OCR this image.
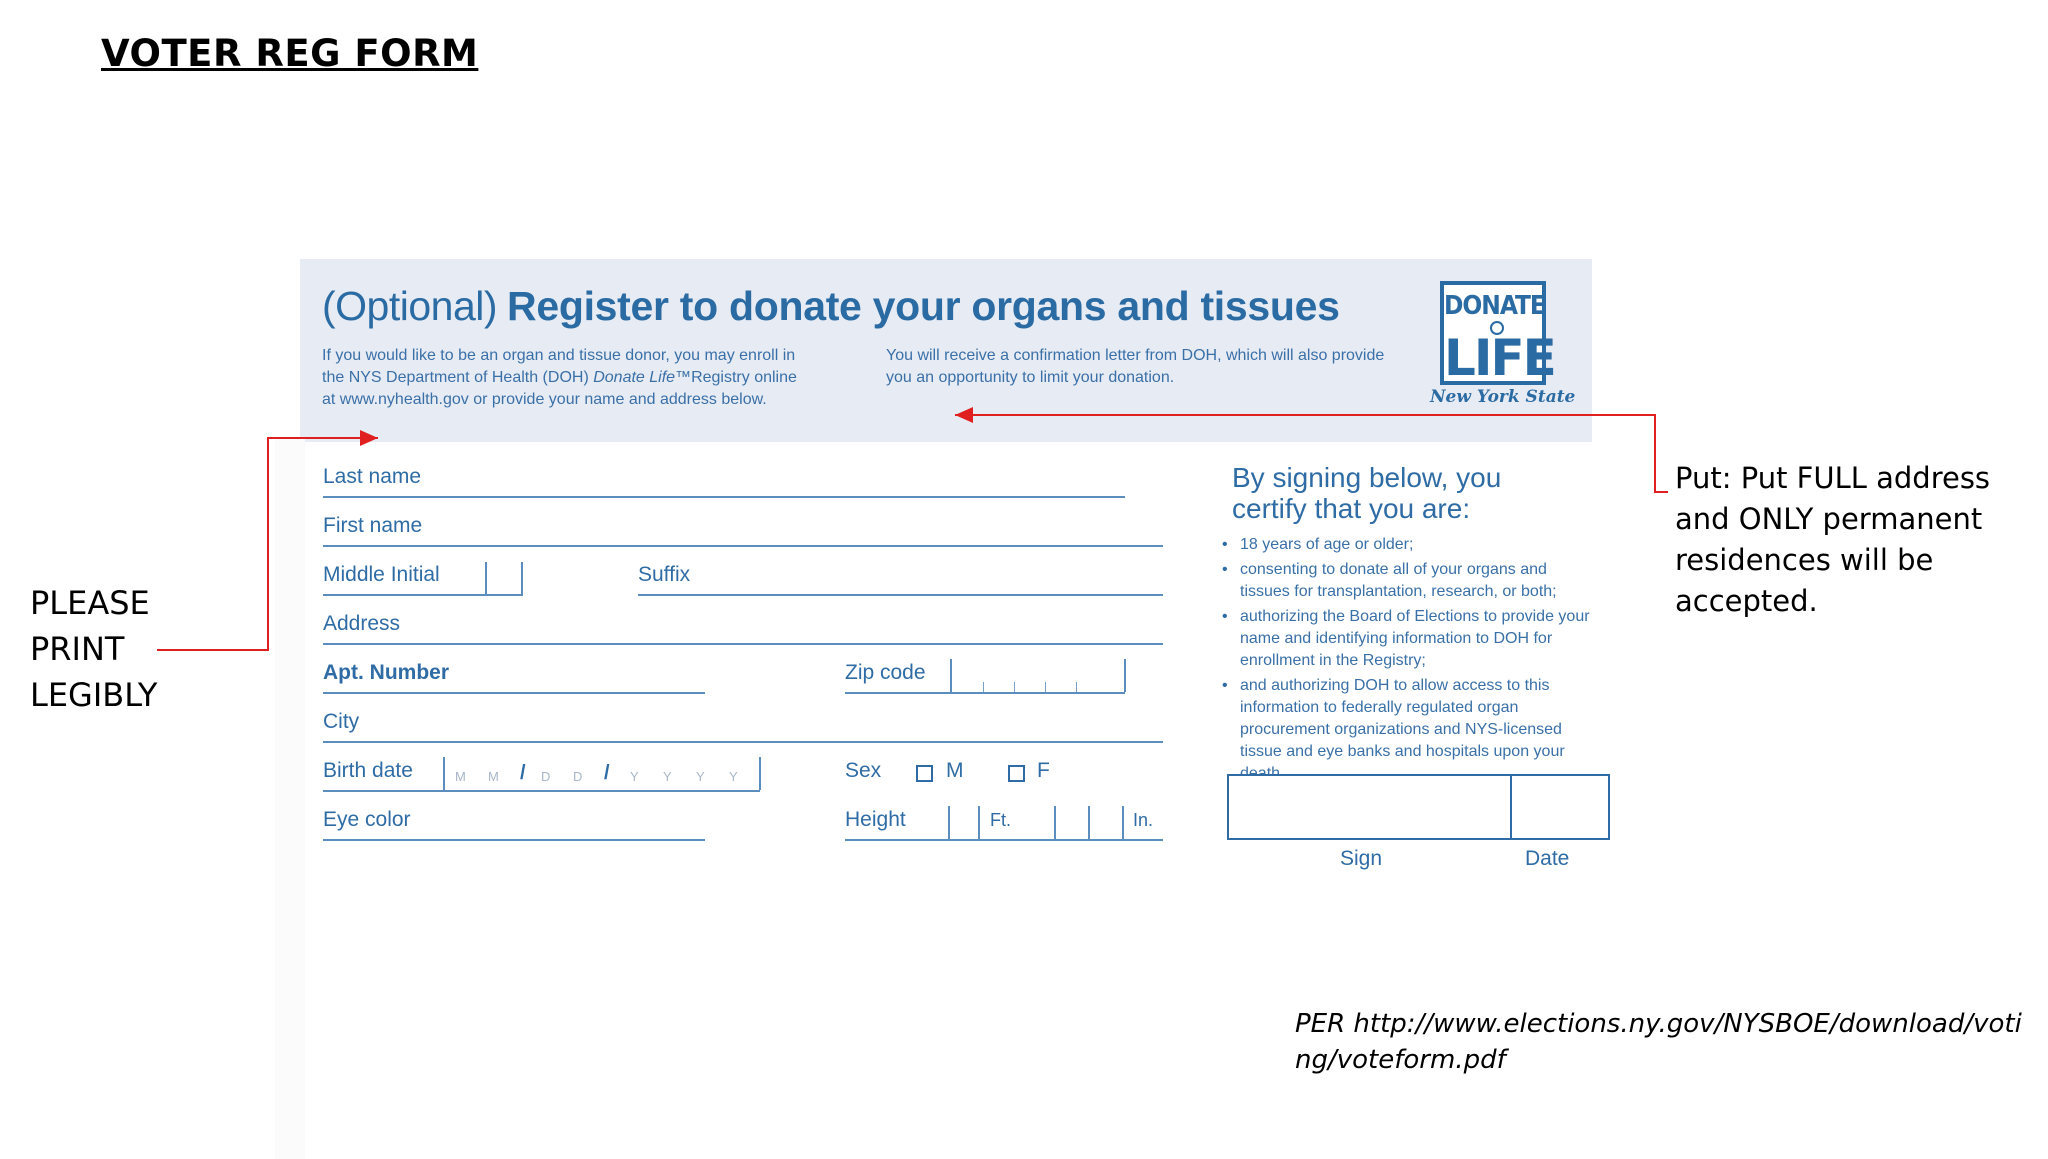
VOTER REG FORM
PLEASE PRINT LEGIBLY
Put: Put FULL address and ONLY permanent residences will be accepted.
PER http://www.elections.ny.gov/NYSBOE/download/voting/voteform.pdf
(Optional) Register to donate your organs and tissues
If you would like to be an organ and tissue donor, you may enroll in
the NYS Department of Health (DOH) Donate Life™Registry online
at www.nyhealth.gov or provide your name and address below.
You will receive a confirmation letter from DOH, which will also provide you an opportunity to limit your donation.
DONATE
LIFE
New York State
Last name
First name
Middle Initial	Suffix
Address
Apt. Number	Zip code
City
Birth date	M M / D D / Y Y Y Y	Sex	M	F
Eye color	Height	Ft.	In.
By signing below, you certify that you are:
• 18 years of age or older;
• consenting to donate all of your organs and tissues for transplantation, research, or both;
• authorizing the Board of Elections to provide your name and identifying information to DOH for enrollment in the Registry;
• and authorizing DOH to allow access to this information to federally regulated organ procurement organizations and NYS-licensed tissue and eye banks and hospitals upon your
Sign	Date
